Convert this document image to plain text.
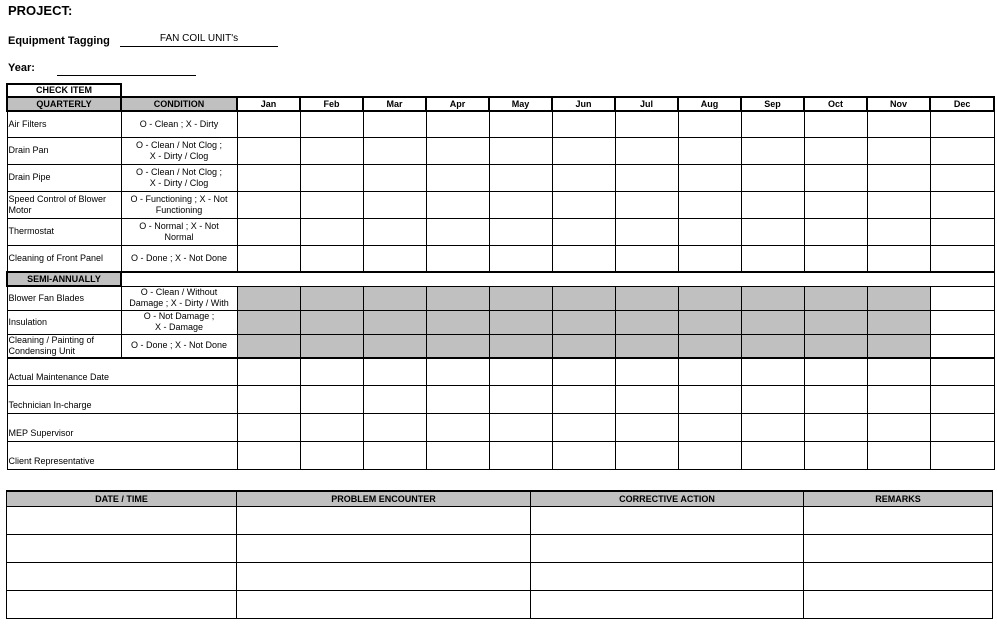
PROJECT:
Equipment Tagging	FAN COIL UNIT's
Year:
CHECK ITEM													
QUARTERLY	CONDITION	Jan	Feb	Mar	Apr	May	Jun	Jul	Aug	Sep	Oct	Nov	Dec
Air Filters	O - Clean ; X - Dirty												

Drain Pan	O - Clean / Not Clog ;
X - Dirty / Clog												

Drain Pipe	O - Clean / Not Clog ;
X - Dirty / Clog												

Speed Control of Blower Motor	O - Functioning ; X - Not
Functioning												

Thermostat	O - Normal ; X - Not
Normal												

Cleaning of Front Panel	O - Done ; X - Not Done												

SEMI-ANNUALLY													
Blower Fan Blades	O - Clean / Without
Damage ; X - Dirty / With												

Insulation	O - Not Damage ;
X - Damage												

Cleaning / Painting of Condensing Unit	O - Done ; X - Not Done												

Actual Maintenance Date													
Technician In-charge													
MEP Supervisor													
Client Representative													
DATE / TIME	PROBLEM ENCOUNTER	CORRECTIVE ACTION	REMARKS
